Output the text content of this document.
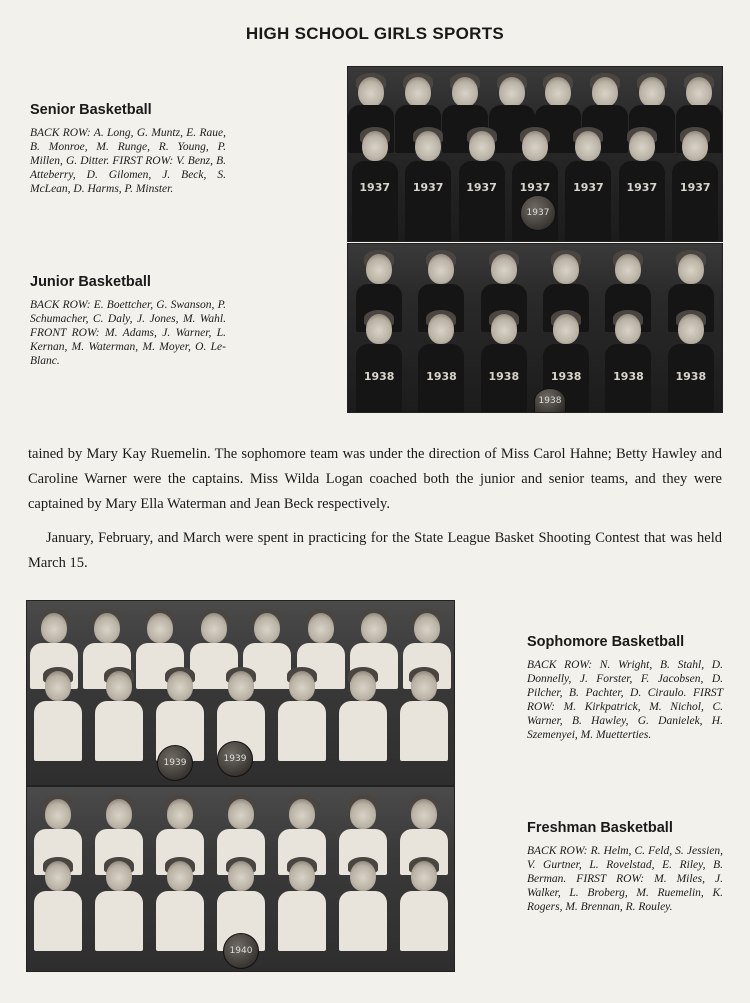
HIGH SCHOOL GIRLS SPORTS
Senior Basketball
BACK ROW: A. Long, G. Muntz, E. Raue, B. Monroe, M. Runge, R. Young, P. Millen, G. Ditter. FIRST ROW: V. Benz, B. Atteberry, D. Gilomen, J. Beck, S. McLean, D. Harms, P. Minster.	1937 1937 1937 1937 1937 1937 1937
1937
Junior Basketball
BACK ROW: E. Boettcher, G. Swanson, P. Schumacher, C. Daly, J. Jones, M. Wahl. FRONT ROW: M. Adams, J. Warner, L. Kernan, M. Waterman, M. Moyer, O. Le-Blanc.
1938	1938	1938	1938	1938	1938
1938
tained by Mary Kay Ruemelin. The sophomore team was under the direction of Miss Carol Hahne; Betty Hawley and Caroline Warner were the captains. Miss Wilda Logan coached both the junior and senior teams, and they were captained by Mary Ella Waterman and Jean Beck respectively.
January, February, and March were spent in practicing for the State League Basket Shooting Contest that was held March 15.
1939	1939
Sophomore Basketball
BACK ROW: N. Wright, B. Stahl, D. Donnelly, J. Forster, F. Jacobsen, D. Pilcher, B. Pachter, D. Ciraulo. FIRST ROW: M. Kirkpatrick, M. Nichol, C. Warner, B. Hawley, G. Danielek, H. Szemenyei, M. Muetterties.
1940
Freshman Basketball
BACK ROW: R. Helm, C. Feld, S. Jessien, V. Gurtner, L. Rovelstad, E. Riley, B. Berman. FIRST ROW: M. Miles, J. Walker, L. Broberg, M. Ruemelin, K. Rogers, M. Brennan, R. Rouley.
